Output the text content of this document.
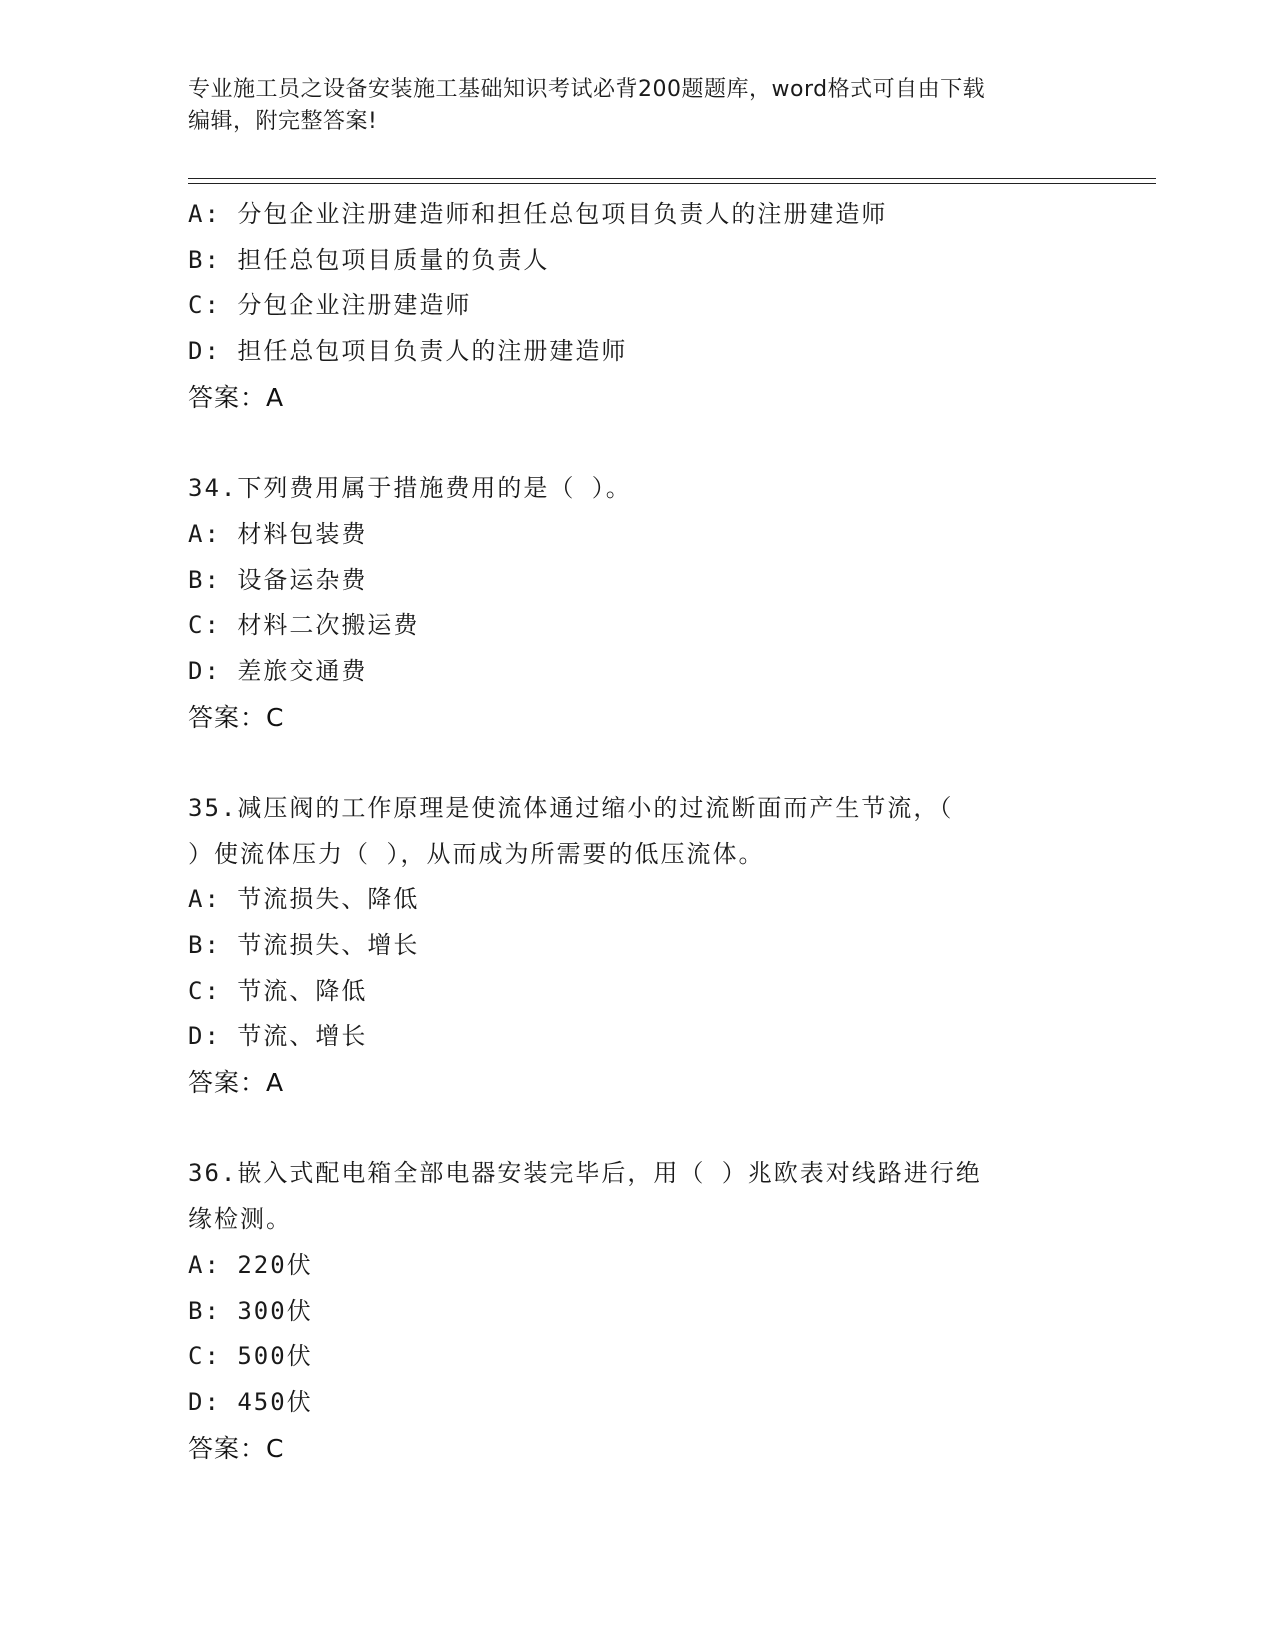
专业施工员之设备安装施工基础知识考试必背200题题库，word格式可自由下载
编辑，附完整答案!
A: 分包企业注册建造师和担任总包项目负责人的注册建造师
B: 担任总包项目质量的负责人
C: 分包企业注册建造师
D: 担任总包项目负责人的注册建造师
答案：A
34.下列费用属于措施费用的是（ ）。
A: 材料包装费
B: 设备运杂费
C: 材料二次搬运费
D: 差旅交通费
答案：C
35.减压阀的工作原理是使流体通过缩小的过流断面而产生节流，（
）使流体压力（ ），从而成为所需要的低压流体。
A: 节流损失、降低
B: 节流损失、增长
C: 节流、降低
D: 节流、增长
答案：A
36.嵌入式配电箱全部电器安装完毕后，用（ ）兆欧表对线路进行绝
缘检测。
A: 220伏
B: 300伏
C: 500伏
D: 450伏
答案：C
